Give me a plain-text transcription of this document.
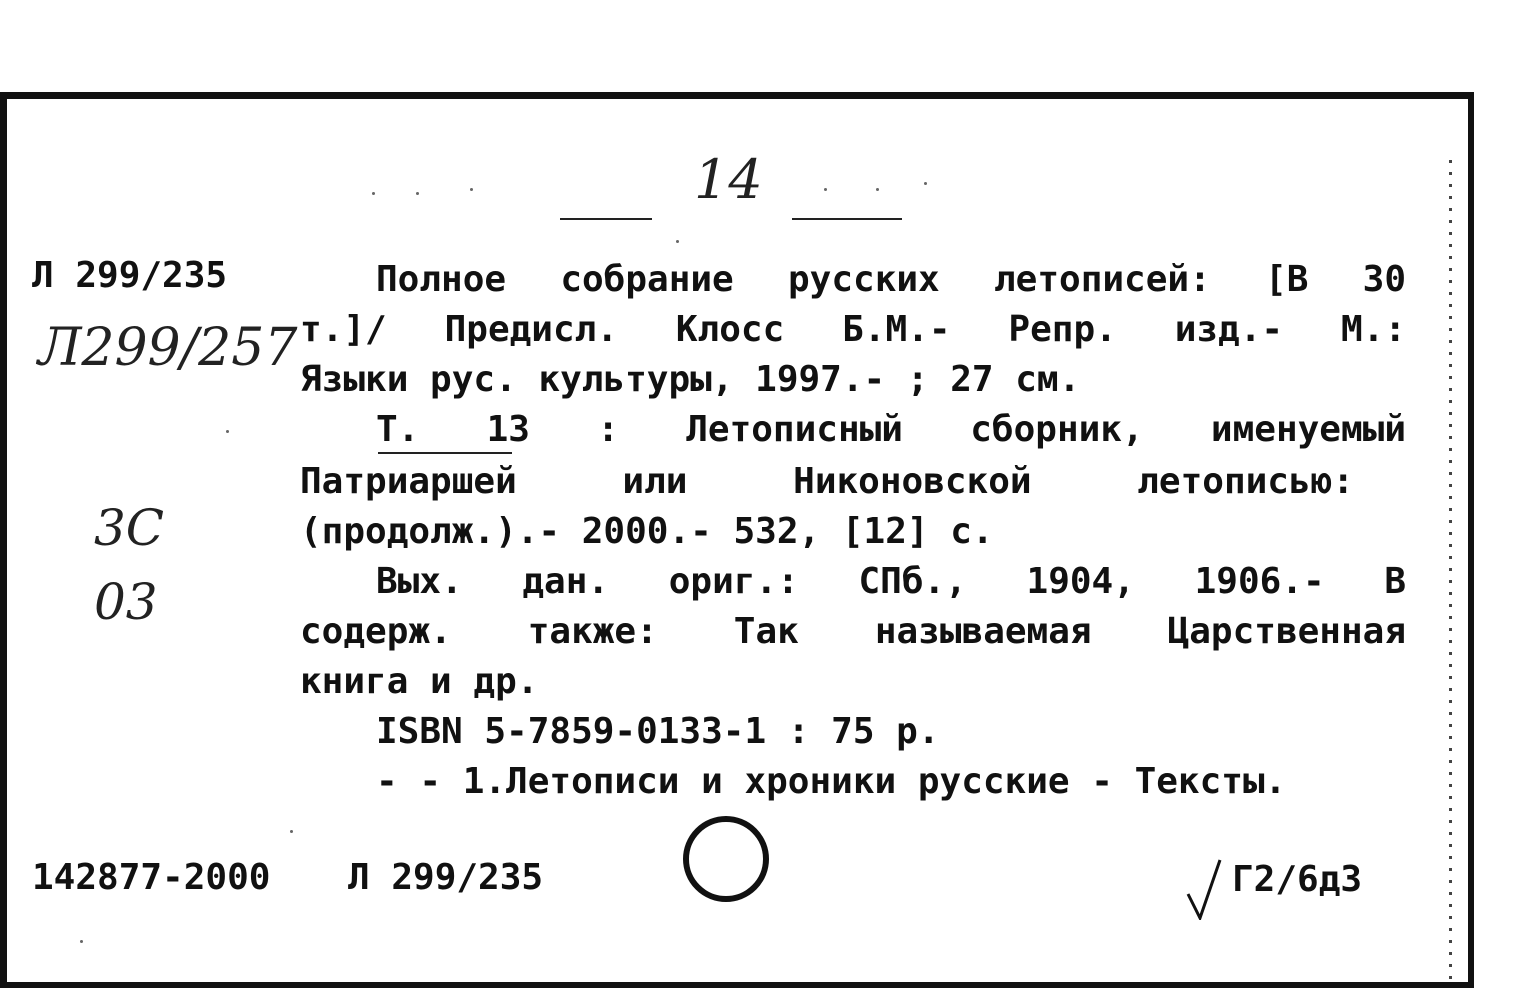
14
Л 299/235
Л299/257
3С
03
Полное собрание русских летописей: [В 30
т.]/ Предисл. Клосс Б.М.- Репр. изд.- М.:
Языки рус. культуры, 1997.- ; 27 см.
Т. 13 : Летописный сборник, именуемый
Патриаршей или Никоновской летописью:
(продолж.).- 2000.- 532, [12] с.
Вых. дан. ориг.: СПб., 1904, 1906.- В
содерж. также: Так называемая Царственная
книга и др.
ISBN 5-7859-0133-1 : 75 р.
- - 1.Летописи и хроники русские - Тексты.
142877-2000 Л 299/235	Г2/6д3
